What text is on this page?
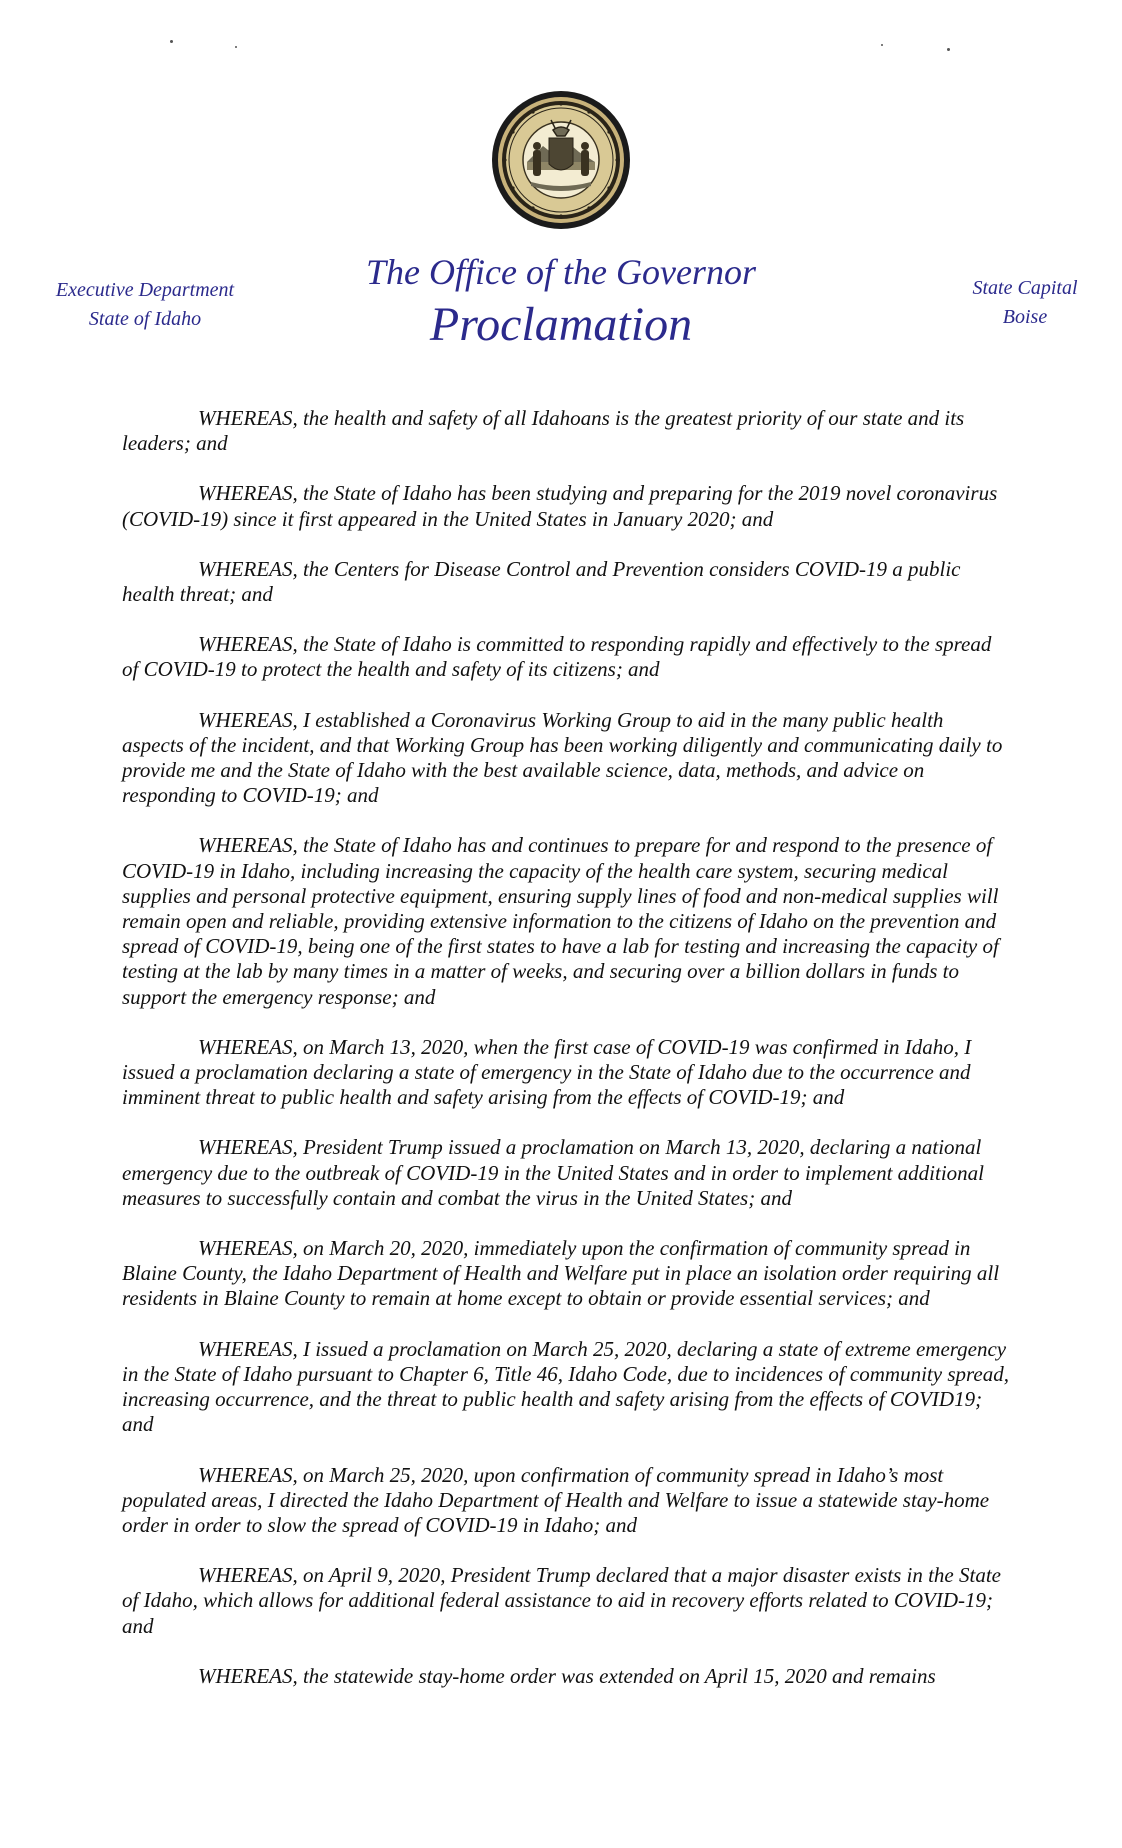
Executive Department
State of Idaho
The Office of the Governor
Proclamation
State Capital
Boise

WHEREAS, the health and safety of all Idahoans is the greatest priority of our state and its leaders; and

WHEREAS, the State of Idaho has been studying and preparing for the 2019 novel coronavirus (COVID-19) since it first appeared in the United States in January 2020; and

WHEREAS, the Centers for Disease Control and Prevention considers COVID-19 a public health threat; and

WHEREAS, the State of Idaho is committed to responding rapidly and effectively to the spread of COVID-19 to protect the health and safety of its citizens; and

WHEREAS, I established a Coronavirus Working Group to aid in the many public health aspects of the incident, and that Working Group has been working diligently and communicating daily to provide me and the State of Idaho with the best available science, data, methods, and advice on responding to COVID-19; and

WHEREAS, the State of Idaho has and continues to prepare for and respond to the presence of COVID-19 in Idaho, including increasing the capacity of the health care system, securing medical supplies and personal protective equipment, ensuring supply lines of food and non-medical supplies will remain open and reliable, providing extensive information to the citizens of Idaho on the prevention and spread of COVID-19, being one of the first states to have a lab for testing and increasing the capacity of testing at the lab by many times in a matter of weeks, and securing over a billion dollars in funds to support the emergency response; and

WHEREAS, on March 13, 2020, when the first case of COVID-19 was confirmed in Idaho, I issued a proclamation declaring a state of emergency in the State of Idaho due to the occurrence and imminent threat to public health and safety arising from the effects of COVID-19; and

WHEREAS, President Trump issued a proclamation on March 13, 2020, declaring a national emergency due to the outbreak of COVID-19 in the United States and in order to implement additional measures to successfully contain and combat the virus in the United States; and

WHEREAS, on March 20, 2020, immediately upon the confirmation of community spread in Blaine County, the Idaho Department of Health and Welfare put in place an isolation order requiring all residents in Blaine County to remain at home except to obtain or provide essential services; and

WHEREAS, I issued a proclamation on March 25, 2020, declaring a state of extreme emergency in the State of Idaho pursuant to Chapter 6, Title 46, Idaho Code, due to incidences of community spread, increasing occurrence, and the threat to public health and safety arising from the effects of COVID19; and

WHEREAS, on March 25, 2020, upon confirmation of community spread in Idaho’s most populated areas, I directed the Idaho Department of Health and Welfare to issue a statewide stay-home order in order to slow the spread of COVID-19 in Idaho; and

WHEREAS, on April 9, 2020, President Trump declared that a major disaster exists in the State of Idaho, which allows for additional federal assistance to aid in recovery efforts related to COVID-19; and

WHEREAS, the statewide stay-home order was extended on April 15, 2020 and remains
